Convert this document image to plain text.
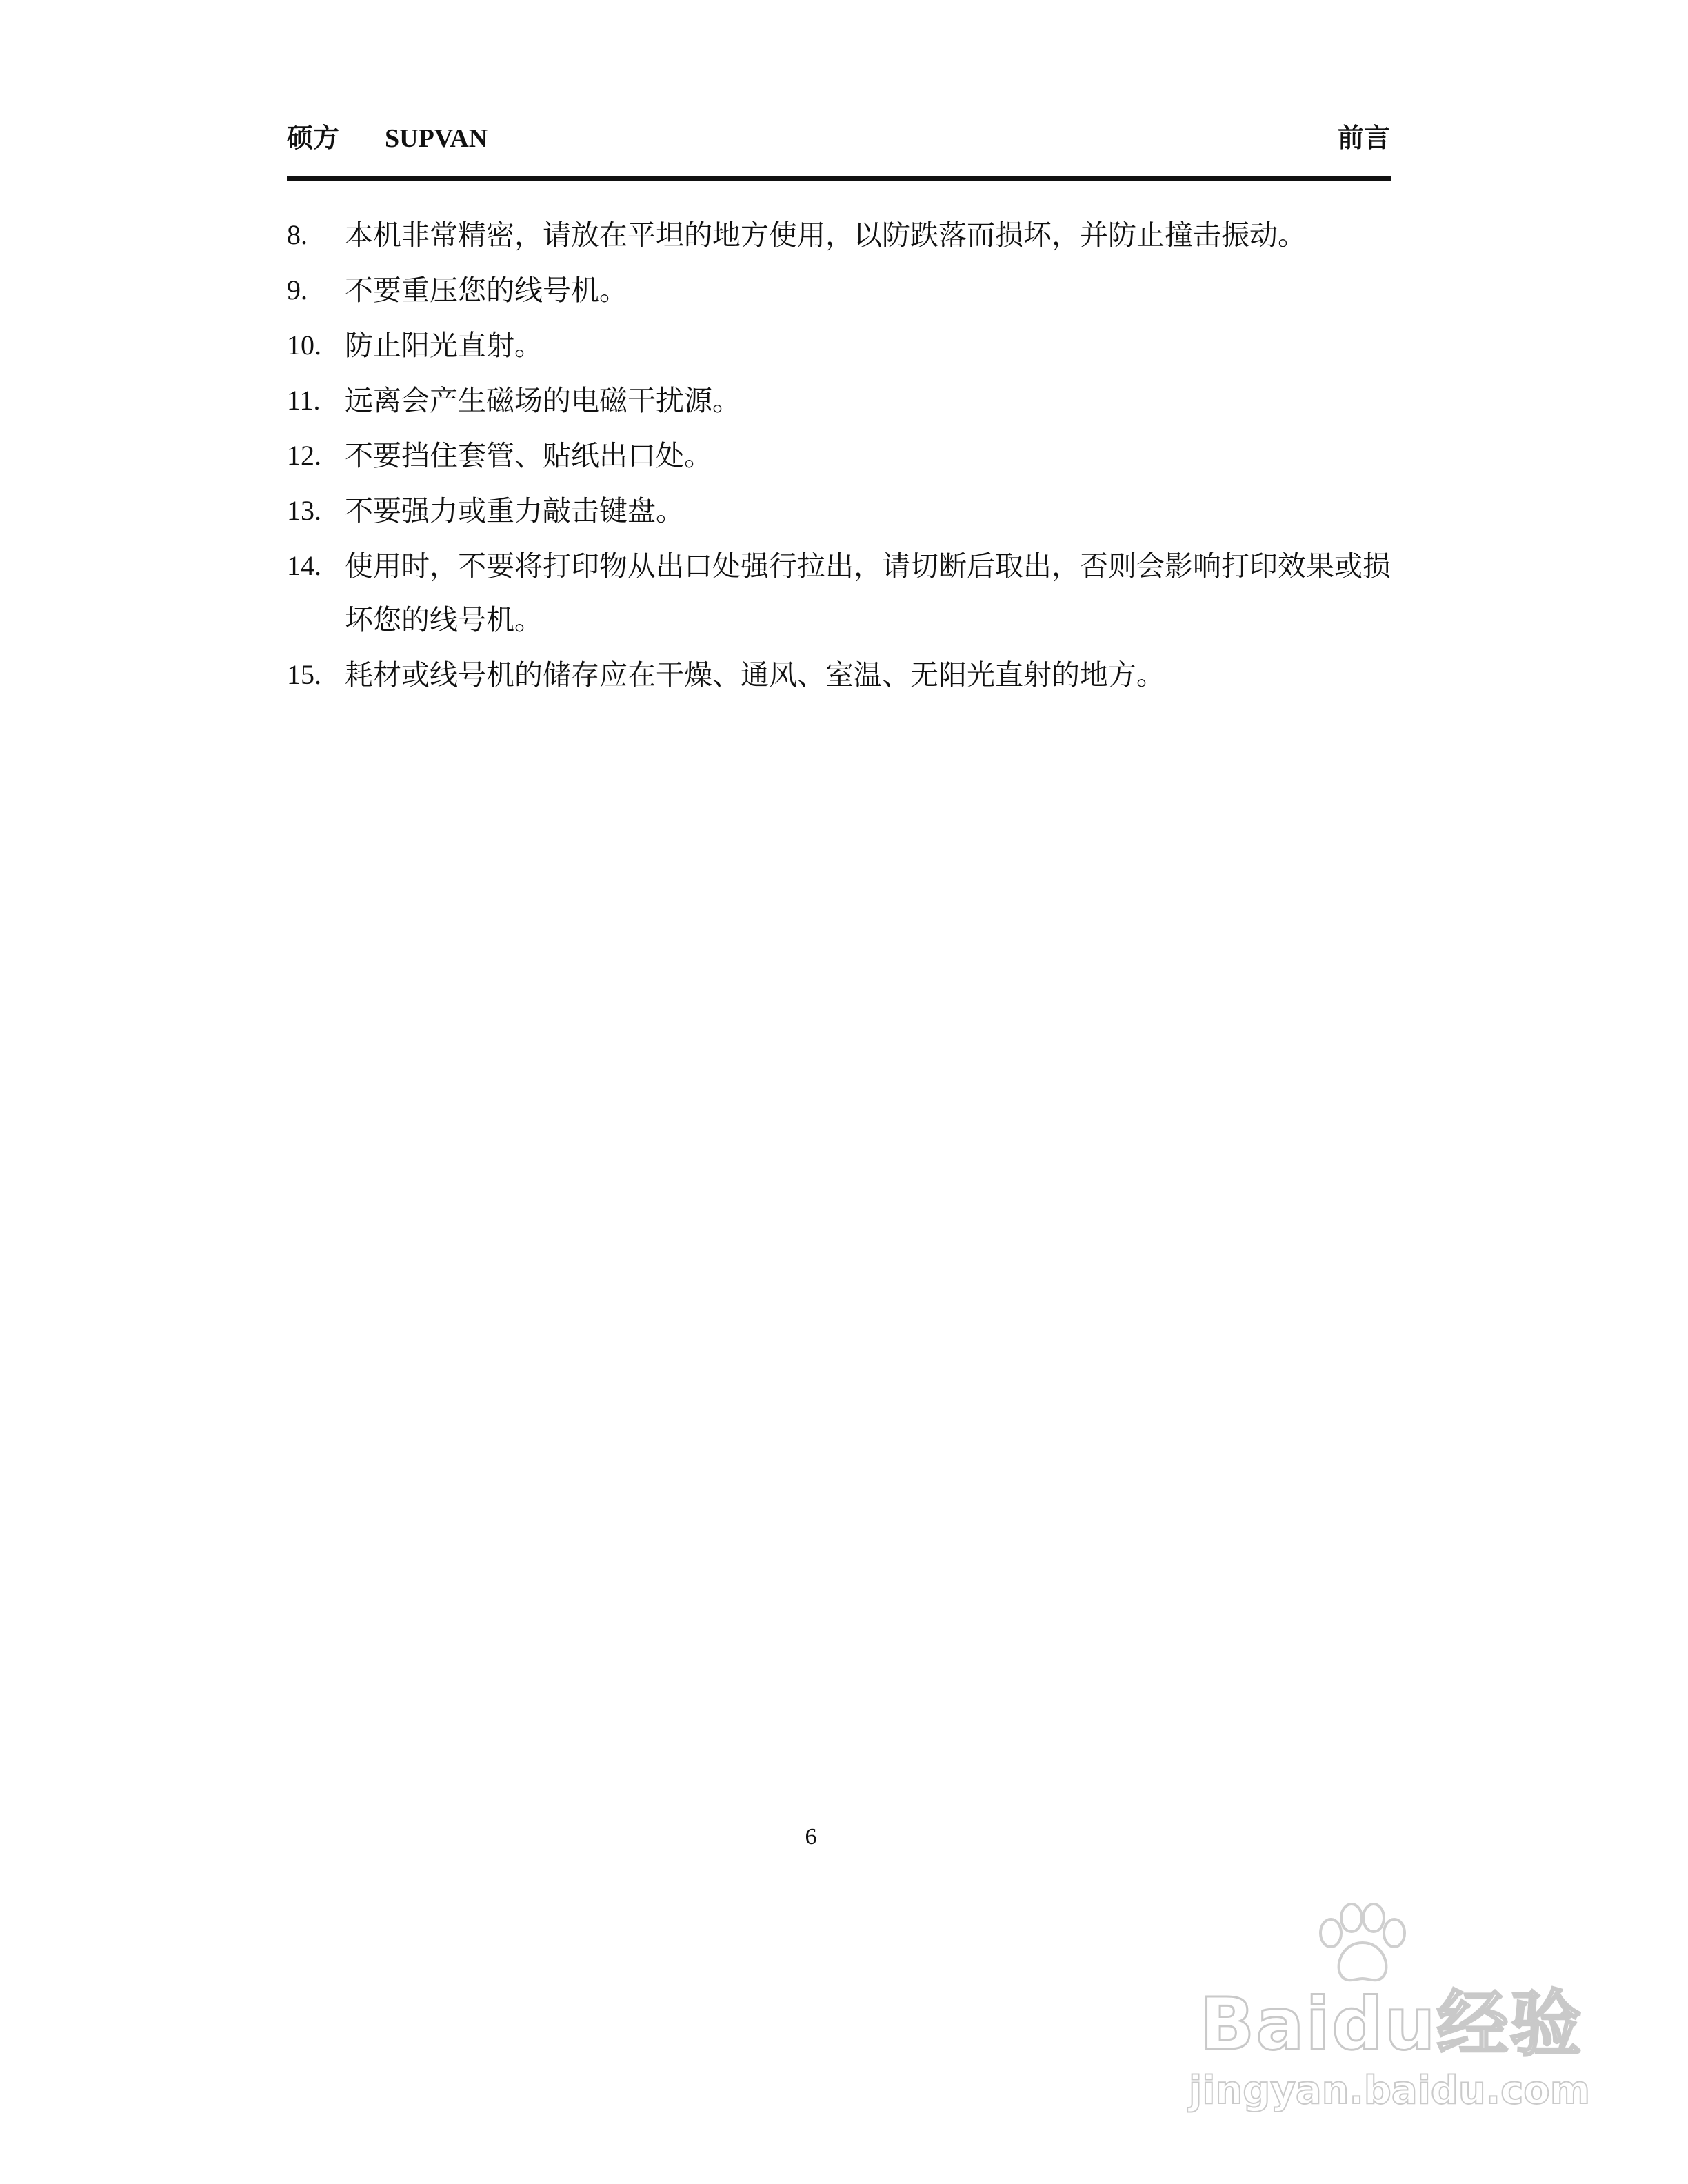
硕方 SUPVAN	前言
8. 本机非常精密，请放在平坦的地方使用，以防跌落而损坏，并防止撞击振动。
9. 不要重压您的线号机。
10. 防止阳光直射。
11. 远离会产生磁场的电磁干扰源。
12. 不要挡住套管、贴纸出口处。
13. 不要强力或重力敲击键盘。
14. 使用时，不要将打印物从出口处强行拉出，请切断后取出，否则会影响打印效果或损坏您的线号机。
15. 耗材或线号机的储存应在干燥、通风、室温、无阳光直射的地方。
6
Baidu经验
jingyan.baidu.com
